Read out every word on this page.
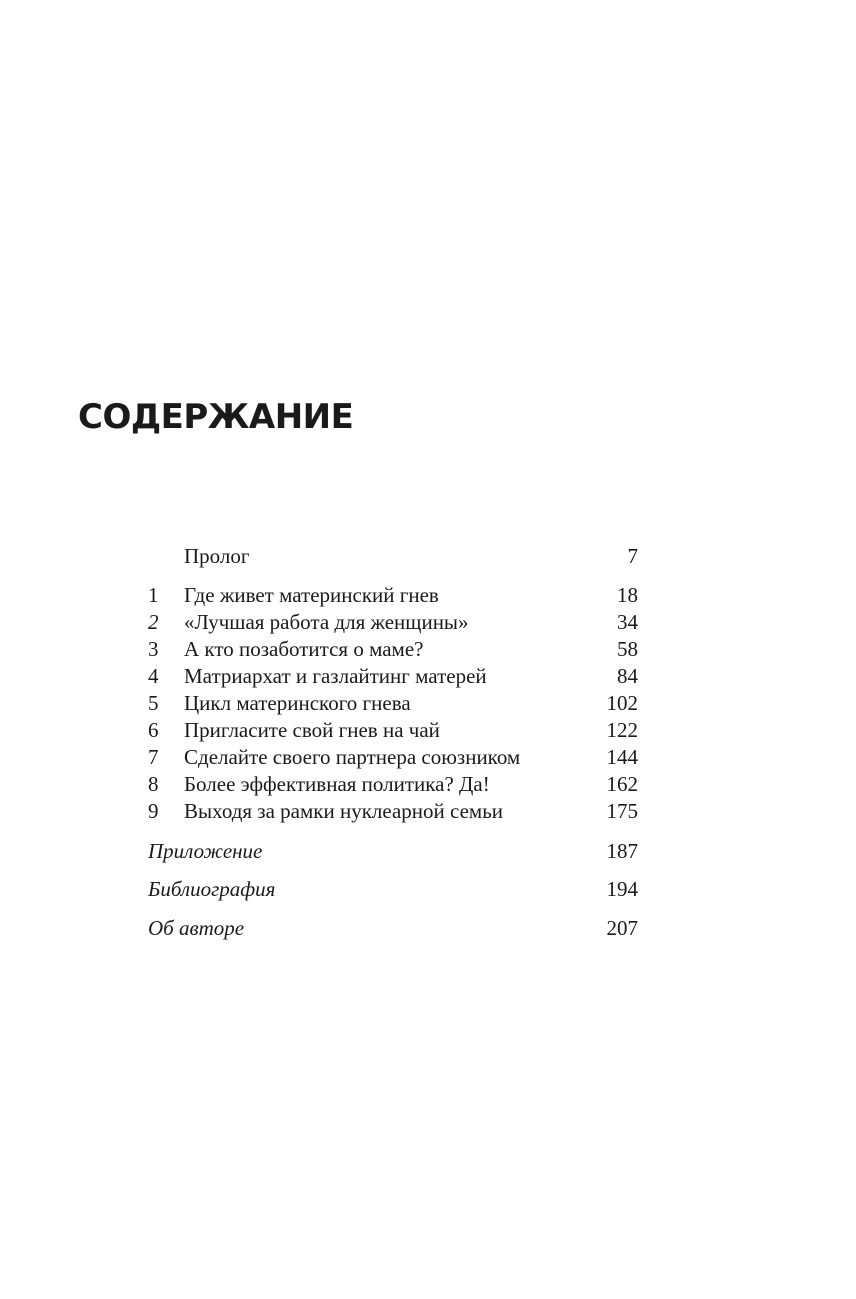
СОДЕРЖАНИЕ
Пролог	7
1	Где живет материнский гнев	18
2	«Лучшая работа для женщины»	34
3	А кто позаботится о маме?	58
4	Матриархат и газлайтинг матерей	84
5	Цикл материнского гнева	102
6	Пригласите свой гнев на чай	122
7	Сделайте своего партнера союзником	144
8	Более эффективная политика? Да!	162
9	Выходя за рамки нуклеарной семьи	175
Приложение	187
Библиография	194
Об авторе	207
